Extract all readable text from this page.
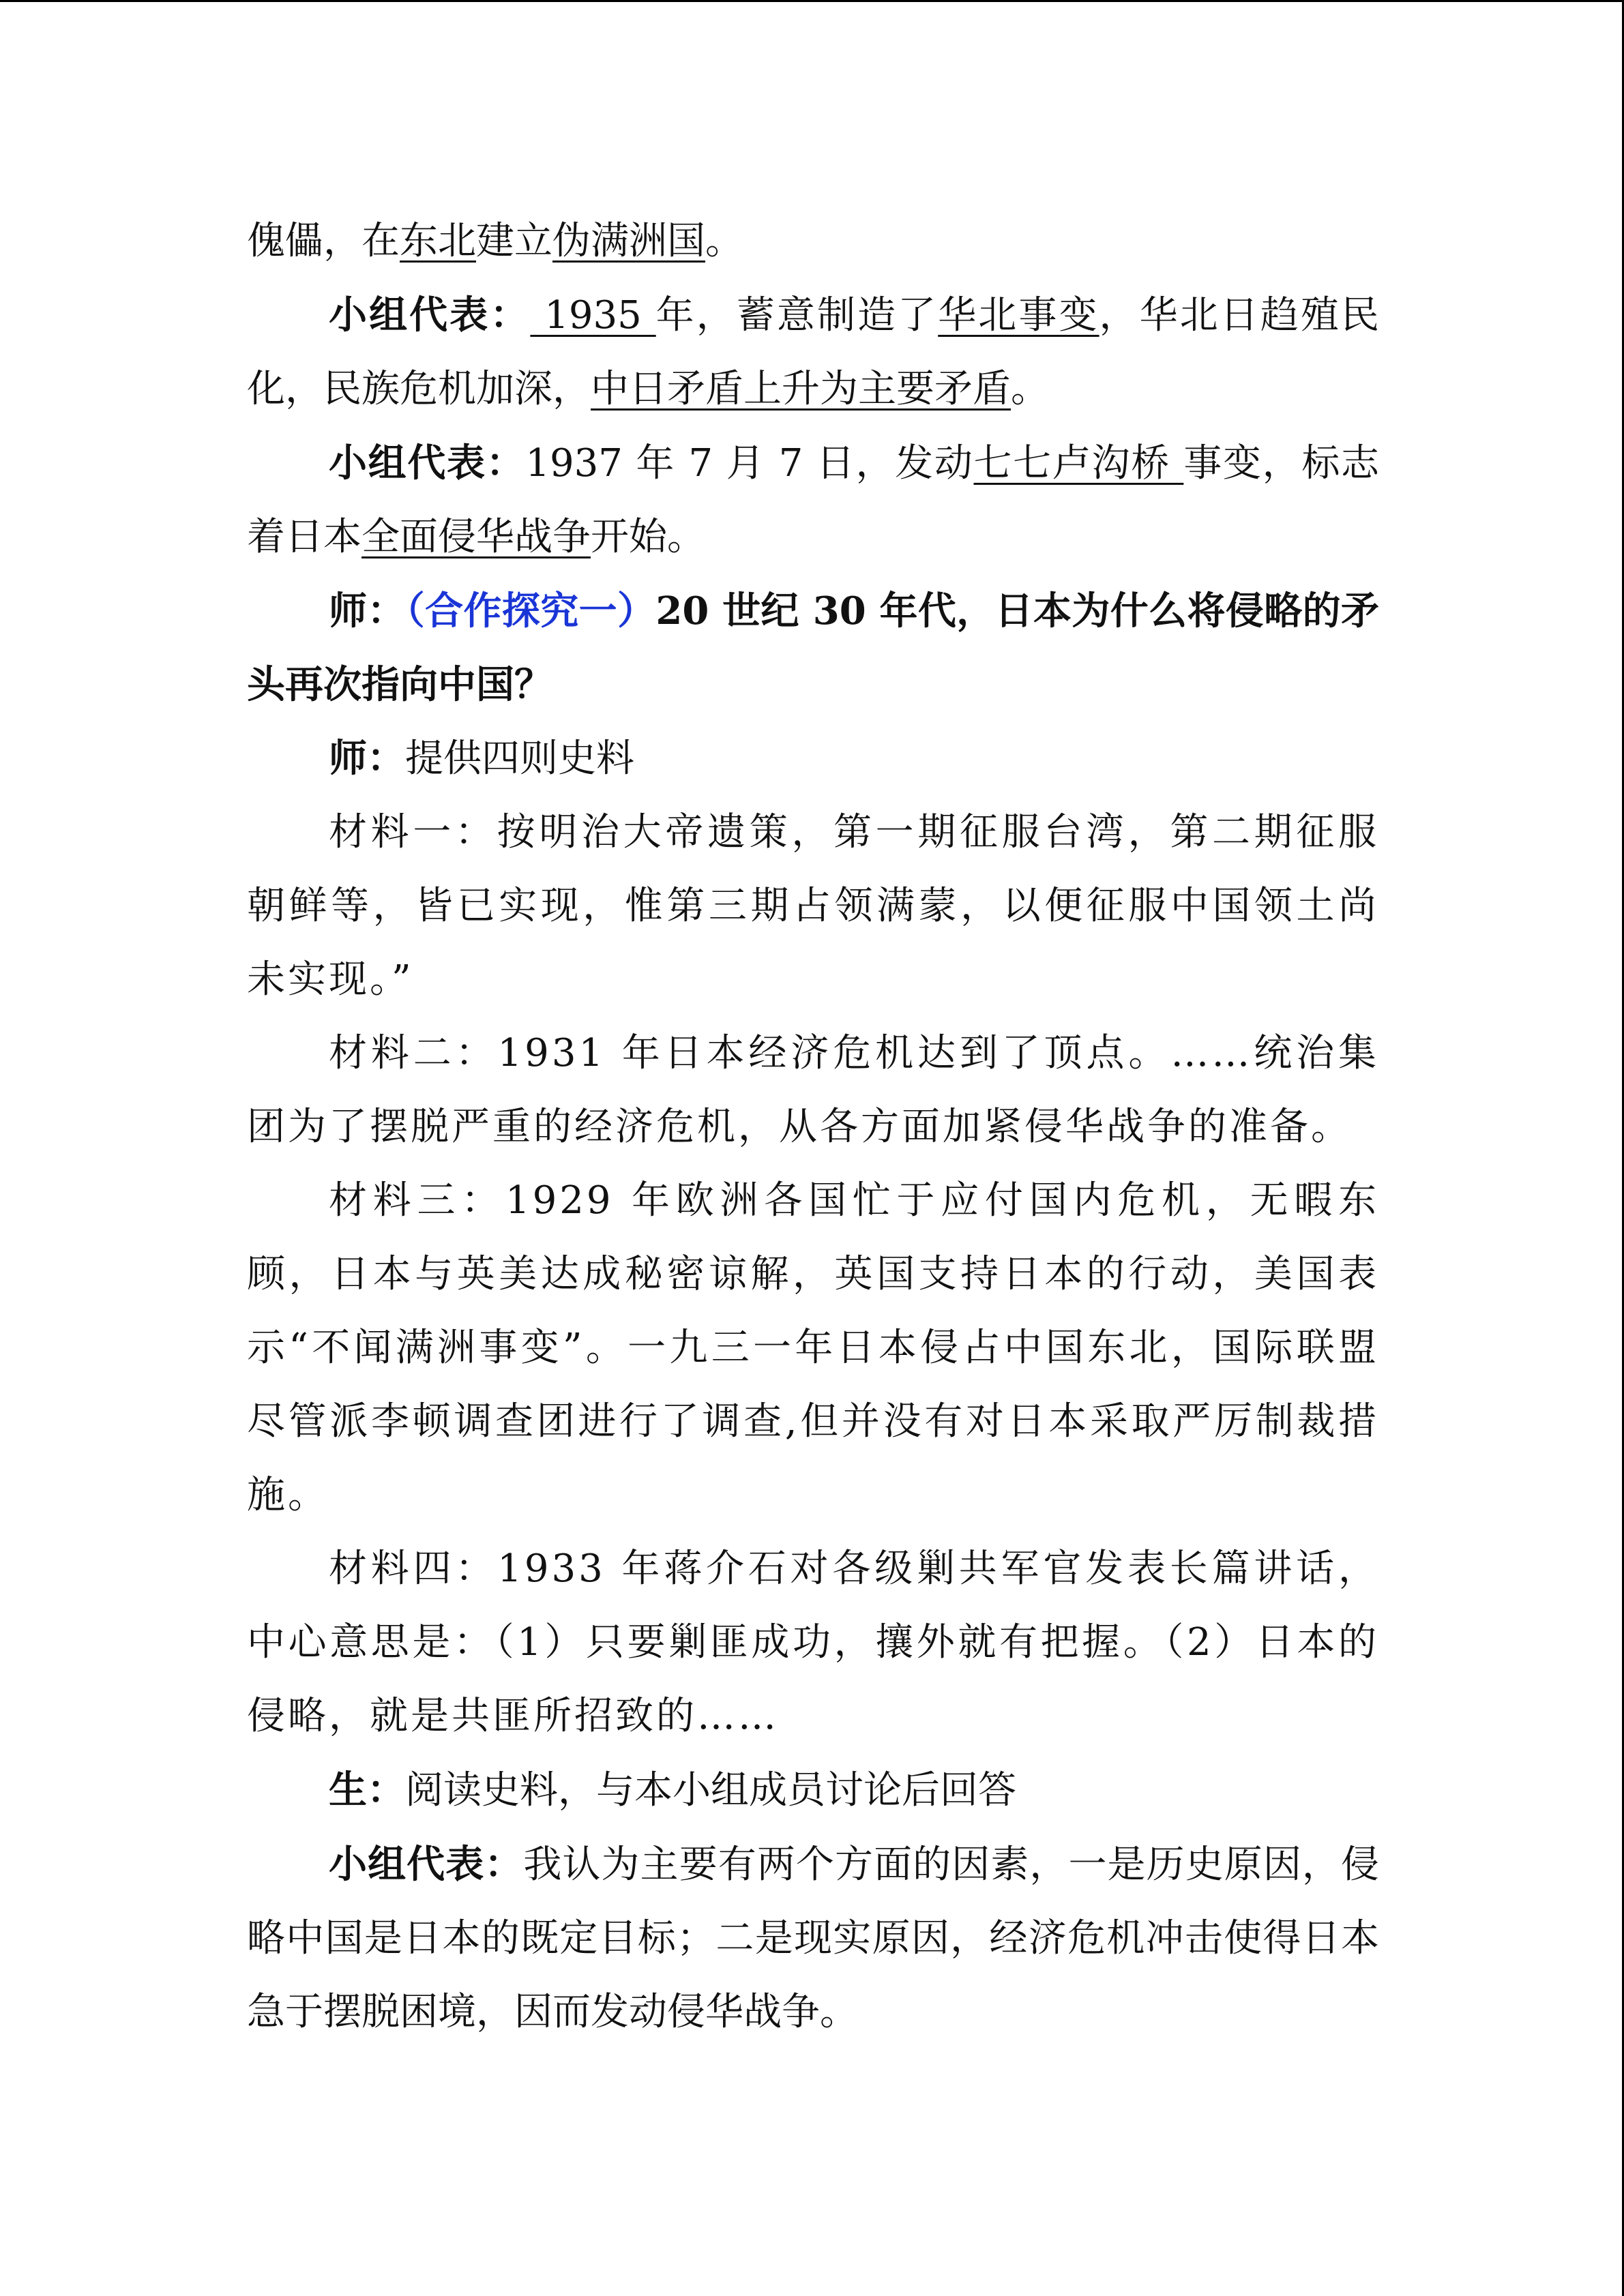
傀儡，在东北建立伪满洲国。

小组代表： 1935 年，蓄意制造了华北事变，华北日趋殖民化，民族危机加深，中日矛盾上升为主要矛盾。

小组代表：1937 年 7 月 7 日，发动七七卢沟桥 事变，标志着日本全面侵华战争开始。

师：（合作探究一）20 世纪 30 年代，日本为什么将侵略的矛头再次指向中国？

师：提供四则史料

材料一：按明治大帝遗策，第一期征服台湾，第二期征服朝鲜等，皆已实现，惟第三期占领满蒙，以便征服中国领土尚未实现。”

材料二：1931 年日本经济危机达到了顶点。……统治集团为了摆脱严重的经济危机，从各方面加紧侵华战争的准备。

材料三：1929 年欧洲各国忙于应付国内危机，无暇东顾，日本与英美达成秘密谅解，英国支持日本的行动，美国表示“不闻满洲事变”。一九三一年日本侵占中国东北，国际联盟尽管派李顿调查团进行了调查,但并没有对日本采取严厉制裁措施。

材料四：1933 年蒋介石对各级剿共军官发表长篇讲话，中心意思是：（1）只要剿匪成功，攘外就有把握。（2）日本的侵略，就是共匪所招致的……

生：阅读史料，与本小组成员讨论后回答

小组代表：我认为主要有两个方面的因素，一是历史原因，侵略中国是日本的既定目标；二是现实原因，经济危机冲击使得日本急于摆脱困境，因而发动侵华战争。
